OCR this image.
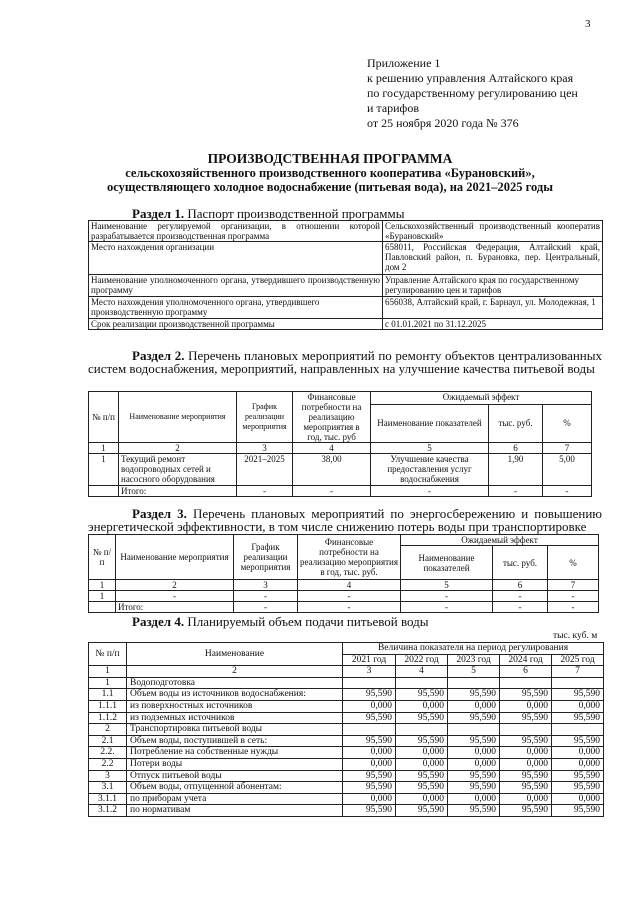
3
Приложение 1
к решению управления Алтайского края
по государственному регулированию цен
и тарифов
от 25 ноября 2020 года № 376
ПРОИЗВОДСТВЕННАЯ ПРОГРАММА
сельскохозяйственного производственного кооператива «Бурановский»,
осуществляющего холодное водоснабжение (питьевая вода), на 2021–2025 годы
Раздел 1. Паспорт производственной программы
Наименование регулируемой организации, в отношении которой разрабатывается производственная программа	Сельскохозяйственный производственный кооператив «Бурановский»
Место нахождения организации	658011, Российская Федерация, Алтайский край, Павловский район, п. Бурановка, пер. Центральный, дом 2
Наименование уполномоченного органа, утвердившего производственную программу	Управление Алтайского края по государственному регулированию цен и тарифов
Место нахождения уполномоченного органа, утвердившего производственную программу	656038, Алтайский край, г. Барнаул, ул. Молодежная, 1
Срок реализации производственной программы	с 01.01.2021 по 31.12.2025
Раздел 2. Перечень плановых мероприятий по ремонту объектов централизованных систем водоснабжения, мероприятий, направленных на улучшение качества питьевой воды
№ п/п	Наименование мероприятия	График реализации мероприятия	Финансовые потребности на реализацию мероприятия в год, тыс. руб	Ожидаемый эффект		
				Наименование показателей	тыс. руб.	%
1	2	3	4	5	6	7
1	Текущий ремонт водопроводных сетей и насосного оборудования	2021–2025	38,00	Улучшение качества предоставления услуг водоснабжения	1,90	5,00
	Итого:	-	-	-	-	-
Раздел 3. Перечень плановых мероприятий по энергосбережению и повышению энергетической эффективности, в том числе снижению потерь воды при транспортировке
№ п/п	Наименование мероприятия	График реализации мероприятия	Финансовые потребности на реализацию мероприятия в год, тыс. руб.	Ожидаемый эффект		
				Наименование показателей	тыс. руб.	%
1	2	3	4	5	6	7
1	-	-	-	-	-	-
	Итого:	-	-	-	-	-
Раздел 4. Планируемый объем подачи питьевой воды
тыс. куб. м
№ п/п	Наименование	Величина показателя на период регулирования				
		2021 год	2022 год	2023 год	2024 год	2025 год
1	2	3	4	5	6	7
1	Водоподготовка					
1.1	Объем воды из источников водоснабжения:	95,590	95,590	95,590	95,590	95,590
1.1.1	из поверхностных источников	0,000	0,000	0,000	0,000	0,000
1.1.2	из подземных источников	95,590	95,590	95,590	95,590	95,590
2	Транспортировка питьевой воды					
2.1	Объем воды, поступившей в сеть:	95,590	95,590	95,590	95,590	95,590
2.2.	Потребление на собственные нужды	0,000	0,000	0,000	0,000	0,000
2.2	Потери воды	0,000	0,000	0,000	0,000	0,000
3	Отпуск питьевой воды	95,590	95,590	95,590	95,590	95,590
3.1	Объем воды, отпущенной абонентам:	95,590	95,590	95,590	95,590	95,590
3.1.1	по приборам учета	0,000	0,000	0,000	0,000	0,000
3.1.2	по нормативам	95,590	95,590	95,590	95,590	95,590
